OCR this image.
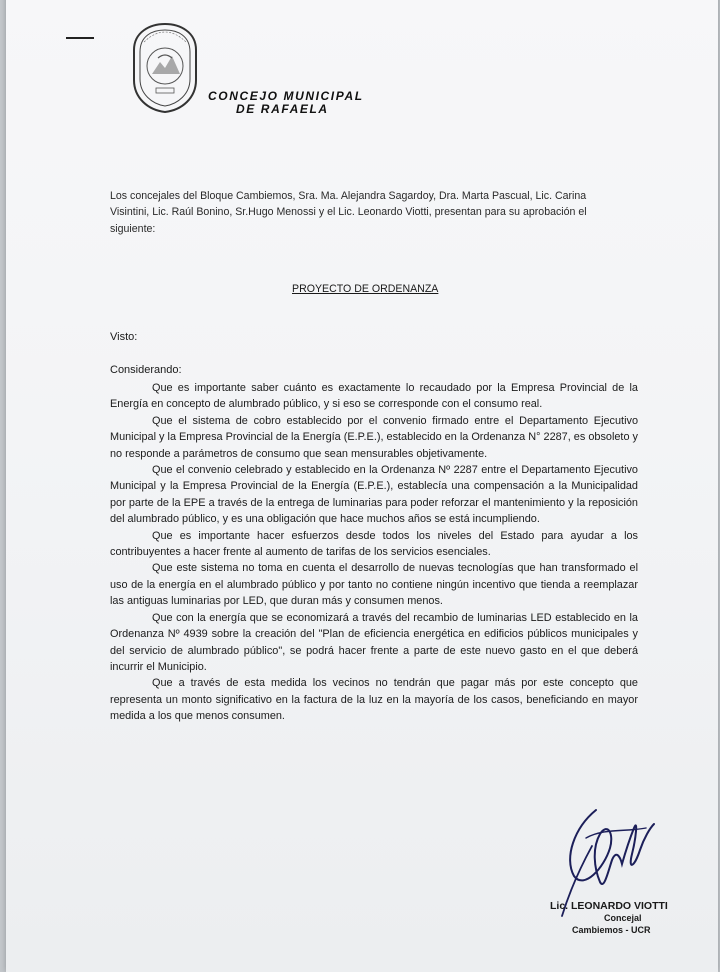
CONCEJO MUNICIPAL
DE RAFAELA
Los concejales del Bloque Cambiemos, Sra. Ma. Alejandra Sagardoy, Dra. Marta Pascual, Lic. Carina Visintini, Lic. Raúl Bonino, Sr.Hugo Menossi y el Lic. Leonardo Viotti, presentan para su aprobación el siguiente:
PROYECTO DE ORDENANZA
Visto:
Considerando:

Que es importante saber cuánto es exactamente lo recaudado por la Empresa Provincial de la Energía en concepto de alumbrado público, y si eso se corresponde con el consumo real.

Que el sistema de cobro establecido por el convenio firmado entre el Departamento Ejecutivo Municipal y la Empresa Provincial de la Energía (E.P.E.), establecido en la Ordenanza N° 2287, es obsoleto y no responde a parámetros de consumo que sean mensurables objetivamente.

Que el convenio celebrado y establecido en la Ordenanza Nº 2287 entre el Departamento Ejecutivo Municipal y la Empresa Provincial de la Energía (E.P.E.), establecía una compensación a la Municipalidad por parte de la EPE a través de la entrega de luminarias para poder reforzar el mantenimiento y la reposición del alumbrado público, y es una obligación que hace muchos años se está incumpliendo.

Que es importante hacer esfuerzos desde todos los niveles del Estado para ayudar a los contribuyentes a hacer frente al aumento de tarifas de los servicios esenciales.

Que este sistema no toma en cuenta el desarrollo de nuevas tecnologías que han transformado el uso de la energía en el alumbrado público y por tanto no contiene ningún incentivo que tienda a reemplazar las antiguas luminarias por LED, que duran más y consumen menos.

Que con la energía que se economizará a través del recambio de luminarias LED establecido en la Ordenanza Nº 4939 sobre la creación del "Plan de eficiencia energética en edificios públicos municipales y del servicio de alumbrado público", se podrá hacer frente a parte de este nuevo gasto en el que deberá incurrir el Municipio.

Que a través de esta medida los vecinos no tendrán que pagar más por este concepto que representa un monto significativo en la factura de la luz en la mayoría de los casos, beneficiando en mayor medida a los que menos consumen.

Lic. LEONARDO VIOTTI
Concejal
Cambiemos - UCR
